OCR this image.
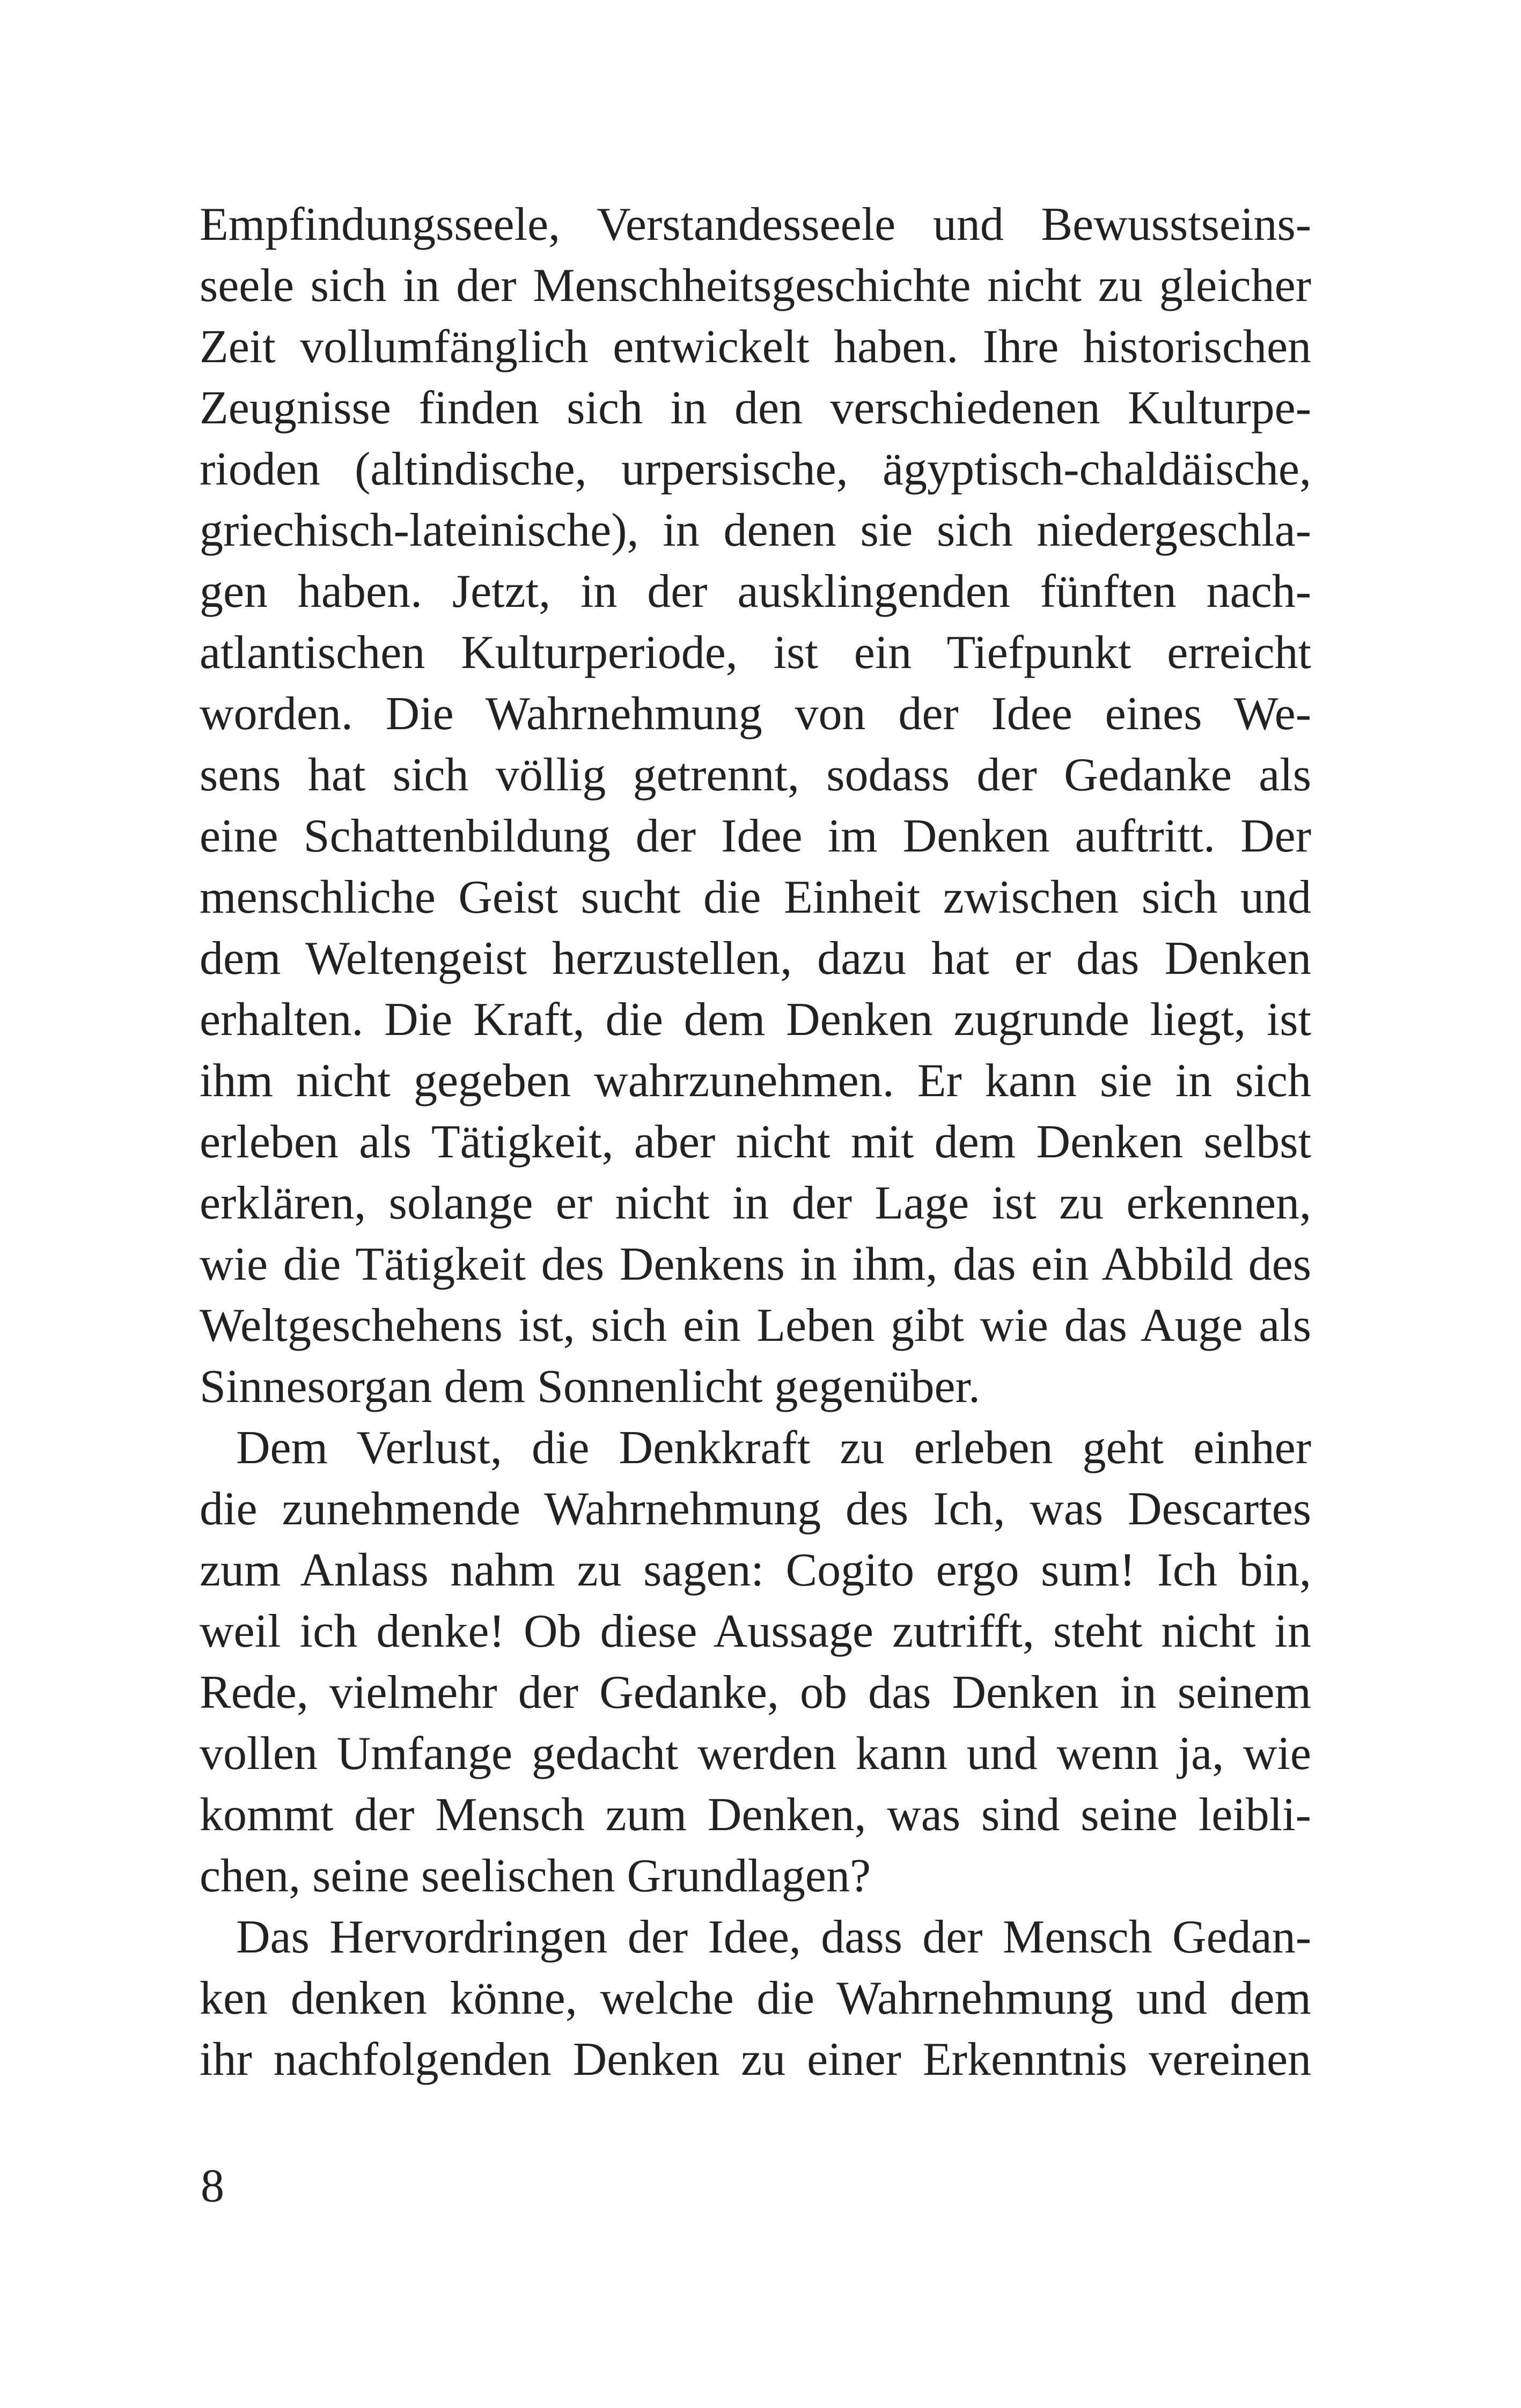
Empfindungsseele, Verstandesseele und Bewusstseins-
seele sich in der Menschheitsgeschichte nicht zu gleicher
Zeit vollumfänglich entwickelt haben. Ihre historischen
Zeugnisse finden sich in den verschiedenen Kulturpe-
rioden (altindische, urpersische, ägyptisch-chaldäische,
griechisch-lateinische), in denen sie sich niedergeschla-
gen haben. Jetzt, in der ausklingenden fünften nach-
atlantischen Kulturperiode, ist ein Tiefpunkt erreicht
worden. Die Wahrnehmung von der Idee eines We-
sens hat sich völlig getrennt, sodass der Gedanke als
eine Schattenbildung der Idee im Denken auftritt. Der
menschliche Geist sucht die Einheit zwischen sich und
dem Weltengeist herzustellen, dazu hat er das Denken
erhalten. Die Kraft, die dem Denken zugrunde liegt, ist
ihm nicht gegeben wahrzunehmen. Er kann sie in sich
erleben als Tätigkeit, aber nicht mit dem Denken selbst
erklären, solange er nicht in der Lage ist zu erkennen,
wie die Tätigkeit des Denkens in ihm, das ein Abbild des
Weltgeschehens ist, sich ein Leben gibt wie das Auge als
Sinnesorgan dem Sonnenlicht gegenüber.
Dem Verlust, die Denkkraft zu erleben geht einher
die zunehmende Wahrnehmung des Ich, was Descartes
zum Anlass nahm zu sagen: Cogito ergo sum! Ich bin,
weil ich denke! Ob diese Aussage zutrifft, steht nicht in
Rede, vielmehr der Gedanke, ob das Denken in seinem
vollen Umfange gedacht werden kann und wenn ja, wie
kommt der Mensch zum Denken, was sind seine leibli-
chen, seine seelischen Grundlagen?
Das Hervordringen der Idee, dass der Mensch Gedan-
ken denken könne, welche die Wahrnehmung und dem
ihr nachfolgenden Denken zu einer Erkenntnis vereinen
8
